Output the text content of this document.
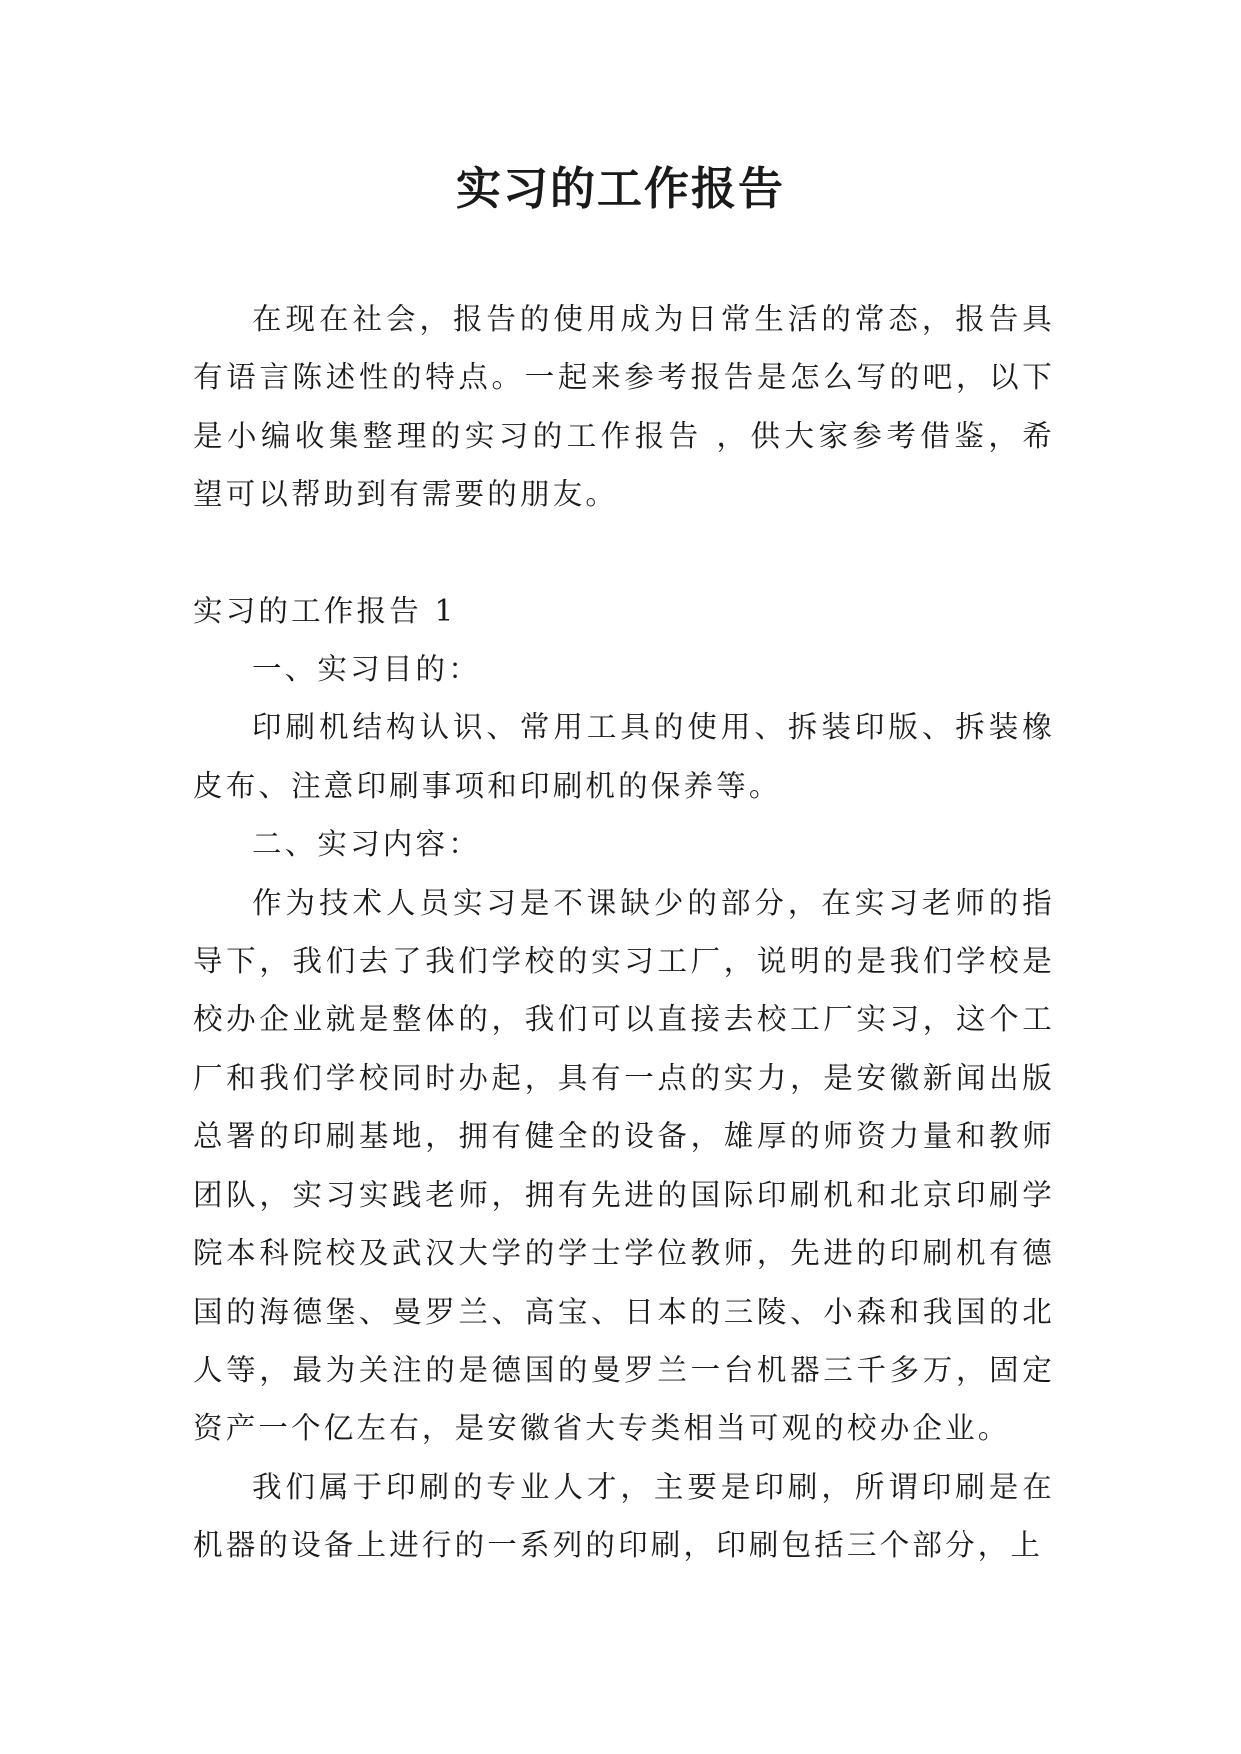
实习的工作报告

在现在社会，报告的使用成为日常生活的常态，报告具有语言陈述性的特点。一起来参考报告是怎么写的吧，以下是小编收集整理的实习的工作报告 ，供大家参考借鉴，希望可以帮助到有需要的朋友。

实习的工作报告 1

一、实习目的：

印刷机结构认识、常用工具的使用、拆装印版、拆装橡皮布、注意印刷事项和印刷机的保养等。

二、实习内容：

作为技术人员实习是不课缺少的部分，在实习老师的指导下，我们去了我们学校的实习工厂，说明的是我们学校是校办企业就是整体的，我们可以直接去校工厂实习，这个工厂和我们学校同时办起，具有一点的实力，是安徽新闻出版总署的印刷基地，拥有健全的设备，雄厚的师资力量和教师团队，实习实践老师，拥有先进的国际印刷机和北京印刷学院本科院校及武汉大学的学士学位教师，先进的印刷机有德国的海德堡、曼罗兰、高宝、日本的三陵、小森和我国的北人等，最为关注的是德国的曼罗兰一台机器三千多万，固定资产一个亿左右，是安徽省大专类相当可观的校办企业。

我们属于印刷的专业人才，主要是印刷，所谓印刷是在机器的设备上进行的一系列的印刷，印刷包括三个部分，上
